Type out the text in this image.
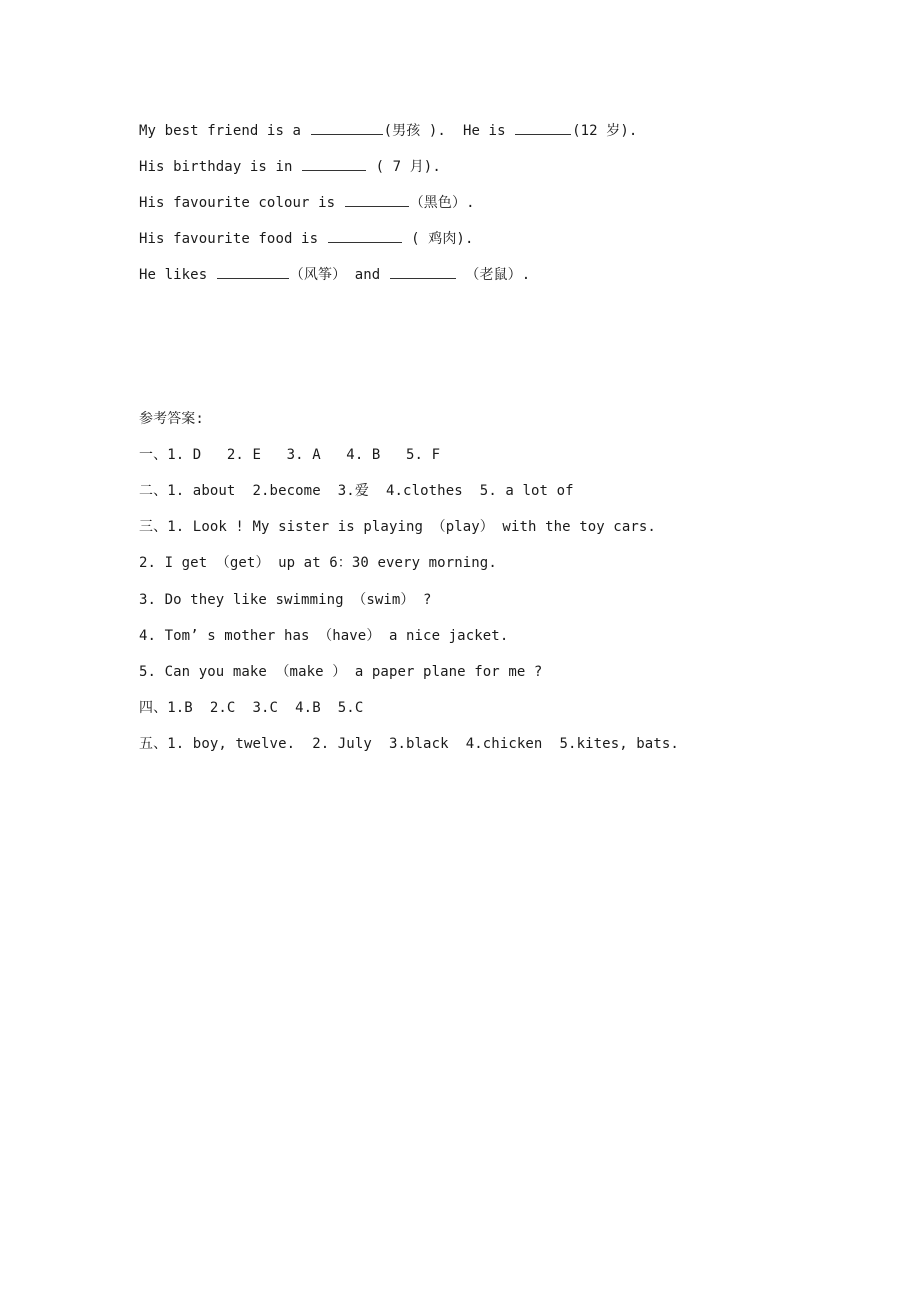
My best friend is a	(男孩 ).  He is	(12 岁).
His birthday is in	( 7 月).
His favourite colour is	（黑色）.
His favourite food is	( 鸡肉).
He likes	（风筝） and	（老鼠）.
参考答案:
一、1. D   2. E   3. A   4. B   5. F
二、1. about  2.become  3.爱  4.clothes  5. a lot of
三、1. Look ! My sister is playing （play） with the toy cars.
2. I get （get） up at 6：30 every morning.
3. Do they like swimming （swim） ?
4. Tom’ s mother has （have） a nice jacket.
5. Can you make （make ） a paper plane for me ?
四、1.B  2.C  3.C  4.B  5.C
五、1. boy, twelve.  2. July  3.black  4.chicken  5.kites, bats.
